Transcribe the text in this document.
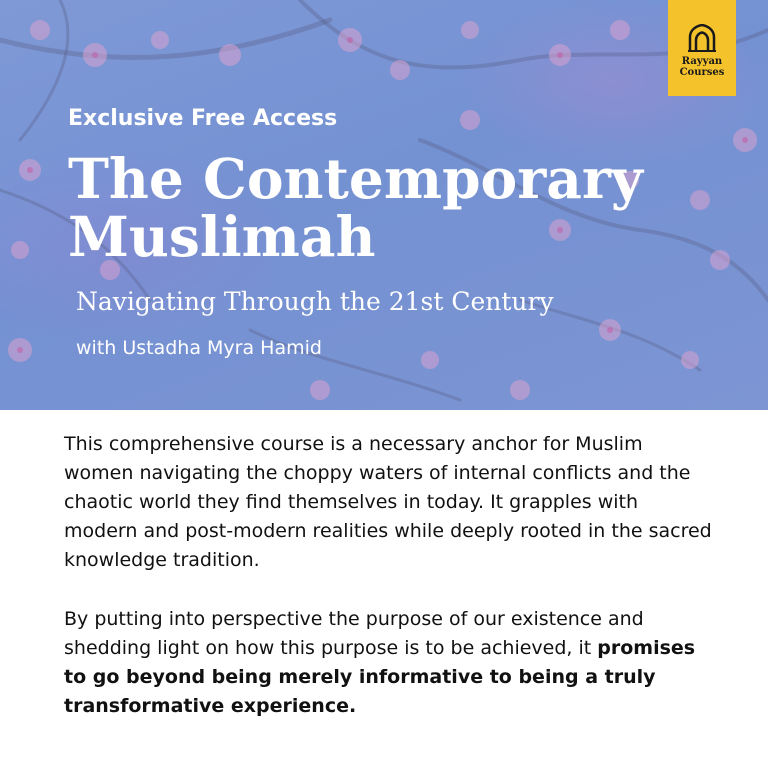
Rayyan
Courses
Exclusive Free Access
The Contemporary Muslimah
Navigating Through the 21st Century
with Ustadha Myra Hamid

This comprehensive course is a necessary anchor for Muslim women navigating the choppy waters of internal conflicts and the chaotic world they find themselves in today. It grapples with modern and post-modern realities while deeply rooted in the sacred knowledge tradition.

By putting into perspective the purpose of our existence and shedding light on how this purpose is to be achieved, it promises to go beyond being merely informative to being a truly transformative experience.
